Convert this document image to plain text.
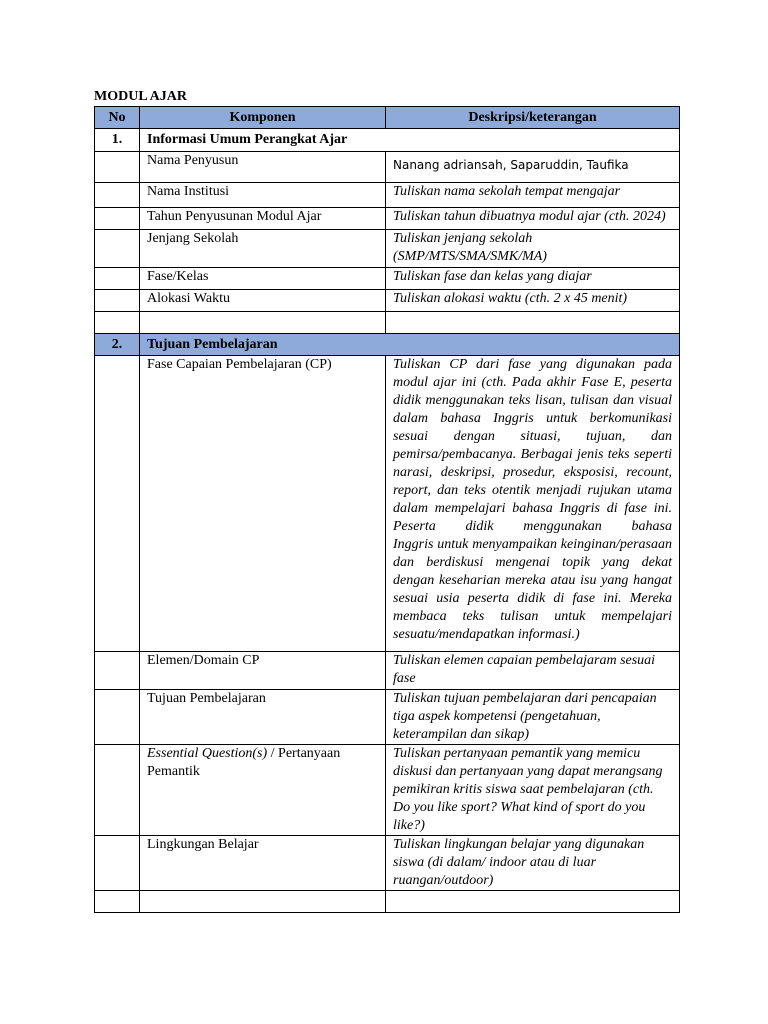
MODUL AJAR
No	Komponen	Deskripsi/keterangan
1.	Informasi Umum Perangkat Ajar	
	Nama Penyusun	Nanang adriansah, Saparuddin, Taufika
	Nama Institusi	Tuliskan nama sekolah tempat mengajar
	Tahun Penyusunan Modul Ajar	Tuliskan tahun dibuatnya modul ajar (cth. 2024)
	Jenjang Sekolah	Tuliskan jenjang sekolah (SMP/MTS/SMA/SMK/MA)
	Fase/Kelas	Tuliskan fase dan kelas yang diajar
	Alokasi Waktu	Tuliskan alokasi waktu (cth. 2 x 45 menit)

2.	Tujuan Pembelajaran	
	Fase Capaian Pembelajaran (CP)	Tuliskan CP dari fase yang digunakan pada modul ajar ini (cth. Pada akhir Fase E, peserta didik menggunakan teks lisan, tulisan dan visual dalam bahasa Inggris untuk berkomunikasi sesuai dengan situasi, tujuan, dan pemirsa/pembacanya. Berbagai jenis teks seperti narasi, deskripsi, prosedur, eksposisi, recount, report, dan teks otentik menjadi rujukan utama dalam mempelajari bahasa Inggris di fase ini. Peserta didik menggunakan bahasa
Inggris untuk menyampaikan keinginan/perasaan dan berdiskusi mengenai topik yang dekat dengan keseharian mereka atau isu yang hangat sesuai usia peserta didik di fase ini. Mereka membaca teks tulisan untuk mempelajari sesuatu/mendapatkan informasi.)

	Elemen/Domain CP	Tuliskan elemen capaian pembelajaram sesuai fase
	Tujuan Pembelajaran	Tuliskan tujuan pembelajaran dari pencapaian tiga aspek kompetensi (pengetahuan, keterampilan dan sikap)
	Essential Question(s) / Pertanyaan Pemantik	Tuliskan pertanyaan pemantik yang memicu diskusi dan pertanyaan yang dapat merangsang pemikiran kritis siswa saat pembelajaran (cth. Do you like sport? What kind of sport do you like?)
	Lingkungan Belajar	Tuliskan lingkungan belajar yang digunakan siswa (di dalam/ indoor atau di luar ruangan/outdoor)
